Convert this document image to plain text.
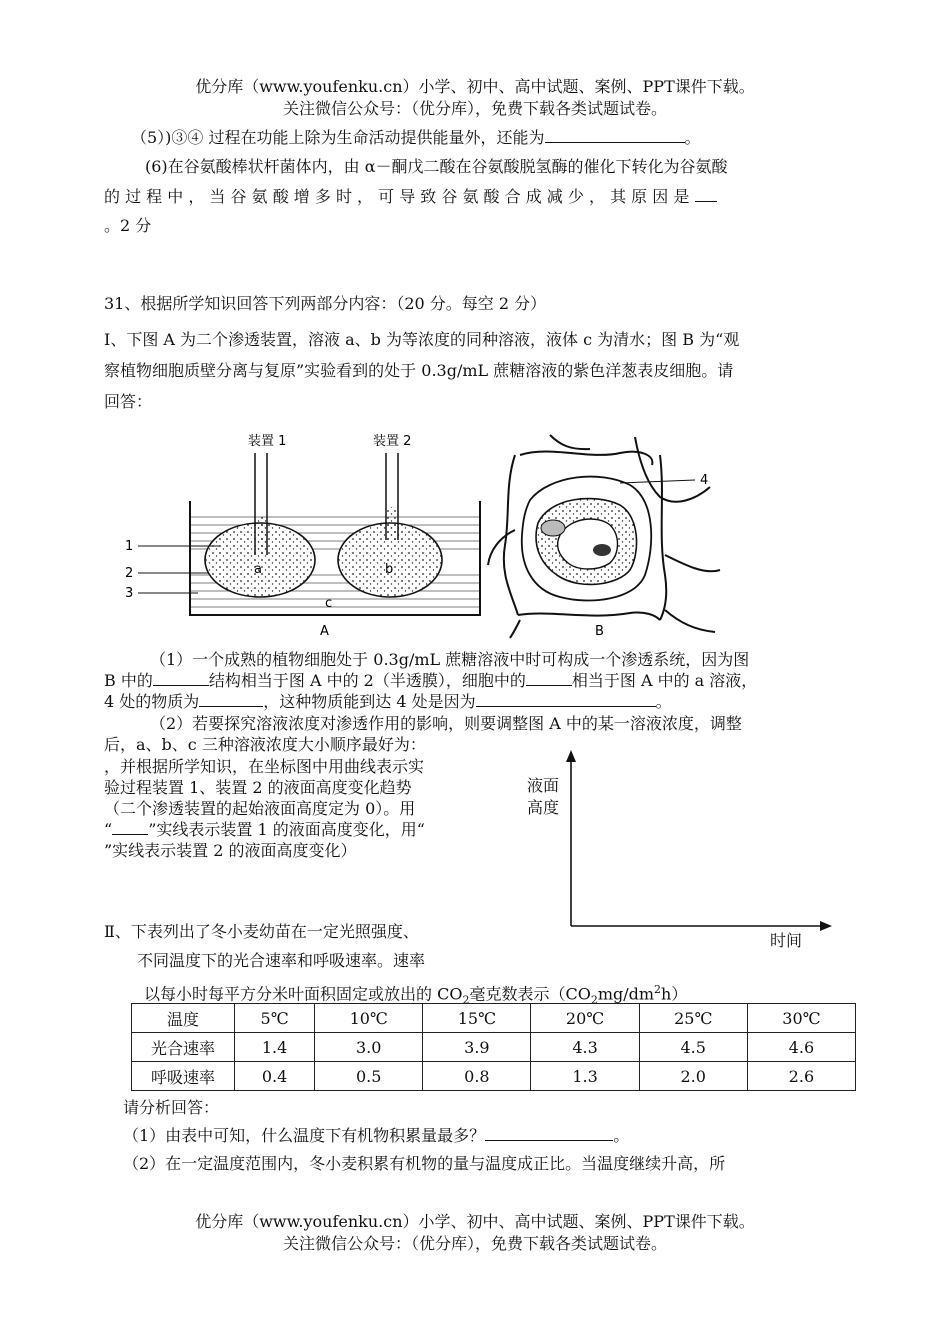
优分库（www.youfenku.cn）小学、初中、高中试题、案例、PPT课件下载。
关注微信公众号：（优分库），免费下载各类试题试卷。
（5）)③④ 过程在功能上除为生命活动提供能量外，还能为	。
(6)在谷氨酸棒状杆菌体内，由 α－酮戊二酸在谷氨酸脱氢酶的催化下转化为谷氨酸
的 过 程 中 ， 当 谷 氨 酸 增 多 时 ， 可 导 致 谷 氨 酸 合 成 减 少 ， 其 原 因 是
。2 分
31、根据所学知识回答下列两部分内容：（20 分。每空 2 分）
Ⅰ、下图 A 为二个渗透装置，溶液 a、b 为等浓度的同种溶液，液体 c 为清水；图 B 为“观
察植物细胞质壁分离与复原”实验看到的处于 0.3g/mL 蔗糖溶液的紫色洋葱表皮细胞。请
回答：
装置 1	装置 2
a	b
c
1
2
3
A
4
B
（1）一个成熟的植物细胞处于 0.3g/mL 蔗糖溶液中时可构成一个渗透系统，因为图
B 中的	结构相当于图 A 中的 2（半透膜），细胞中的	相当于图 A 中的 a 溶液，
4 处的物质为	，这种物质能到达 4 处是因为	。
（2）若要探究溶液浓度对渗透作用的影响，则要调整图 A 中的某一溶液浓度，调整
后，a、b、c 三种溶液浓度大小顺序最好为：
，并根据所学知识，在坐标图中用曲线表示实
验过程装置 1、装置 2 的液面高度变化趋势
（二个渗透装置的起始液面高度定为 0）。用
“ ”实线表示装置 1 的液面高度变化，用“
”实线表示装置 2 的液面高度变化）
液面
高度
时间
Ⅱ、下表列出了冬小麦幼苗在一定光照强度、
不同温度下的光合速率和呼吸速率。速率
以每小时每平方分米叶面积固定或放出的 $CO_2$毫克数表示$(CO_2mg/dm^2h)$
温度	5℃	10℃	15℃	20℃	25℃	30℃
光合速率	1.4	3.0	3.9	4.3	4.5	4.6
呼吸速率	0.4	0.5	0.8	1.3	2.0	2.6
请分析回答：
（1）由表中可知，什么温度下有机物积累量最多？	。
（2）在一定温度范围内，冬小麦积累有机物的量与温度成正比。当温度继续升高，所
优分库（www.youfenku.cn）小学、初中、高中试题、案例、PPT课件下载。
关注微信公众号：（优分库），免费下载各类试题试卷。
